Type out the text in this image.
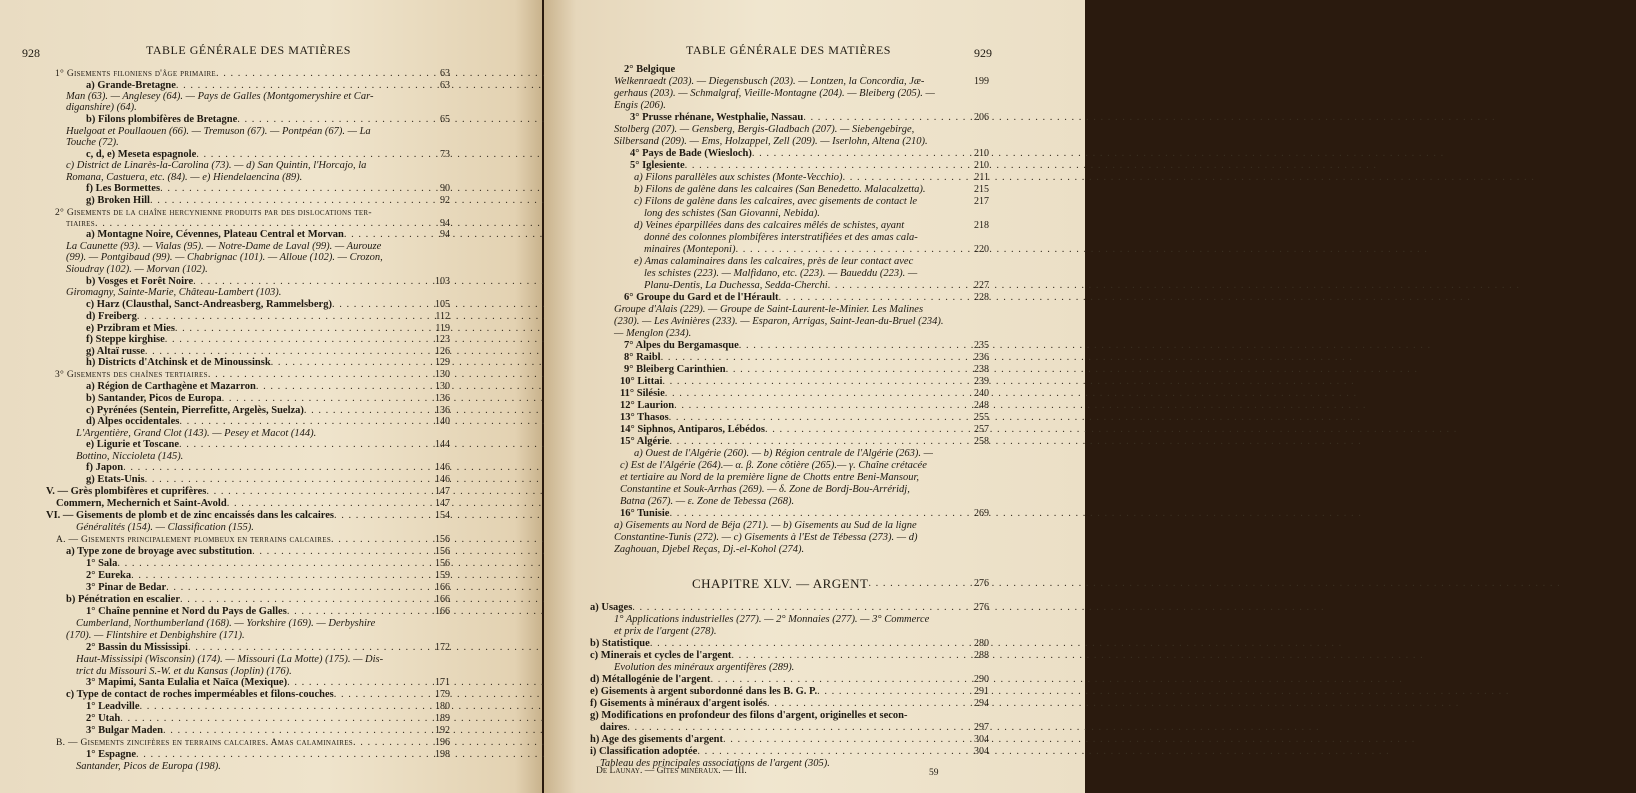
928	TABLE GÉNÉRALE DES MATIÈRES
1° Gisements filoniens d'âge primaire . . .	63
a) Grande-Bretagne . . .	63
Man (63). — Anglesey (64). — Pays de Galles (Montgomeryshire et Car-
diganshire) (64).
b) Filons plombifères de Bretagne . . .	65
Huelgoat et Poullaouen (66). — Tremuson (67). — Pontpéan (67). — La
Touche (72).
c, d, e) Meseta espagnole . . .	73
c) District de Linarès-la-Carolina (73). — d) San Quintin, l'Horcajo, la
Romana, Castuera, etc. (84). — e) Hiendelaencina (89).
f) Les Bormettes . . .	90
g) Broken Hill . . .	92
2° Gisements de la chaîne hercynienne produits par des dislocations ter-
tiaires . . .	94
a) Montagne Noire, Cévennes, Plateau Central et Morvan . . .	94
La Caunette (93). — Vialas (95). — Notre-Dame de Laval (99). — Aurouze
(99). — Pontgibaud (99). — Chabrignac (101). — Alloue (102). — Crozon,
Sioudray (102). — Morvan (102).
b) Vosges et Forêt Noire . . .	103
Giromagny, Sainte-Marie, Château-Lambert (103).
c) Harz (Clausthal, Sanct-Andreasberg, Rammelsberg) . . .	105
d) Freiberg . . .	112
e) Przibram et Mies . . .	119
f) Steppe kirghise . . .	123
g) Altaï russe . . .	126
h) Districts d'Atchinsk et de Minoussinsk . . .	129
3° Gisements des chaînes tertiaires . . .	130
a) Région de Carthagène et Mazarron . . .	130
b) Santander, Picos de Europa . . .	136
c) Pyrénées (Sentein, Pierrefitte, Argelès, Suelza) . . .	136
d) Alpes occidentales . . .	140
L'Argentière, Grand Clot (143). — Pesey et Macot (144).
e) Ligurie et Toscane . . .	144
Bottino, Niccioleta (145).
f) Japon . . .	146
g) Etats-Unis . . .	146
V. — Grès plombifères et cuprifères . . .	147
Commern, Mechernich et Saint-Avold . . .	147
VI. — Gisements de plomb et de zinc encaissés dans les calcaires . . .	154
Généralités (154). — Classification (155).
A. — Gisements principalement plombeux en terrains calcaires . . .	156
a) Type zone de broyage avec substitution . . .	156
1° Sala . . .	156
2° Eureka . . .	159
3° Pinar de Bedar . . .	166
b) Pénétration en escalier . . .	166
1° Chaîne pennine et Nord du Pays de Galles . . .	166
Cumberland, Northumberland (168). — Yorkshire (169). — Derbyshire
(170). — Flintshire et Denbighshire (171).
2° Bassin du Mississipi . . .	172
Haut-Mississipi (Wisconsin) (174). — Missouri (La Motte) (175). — Dis-
trict du Missouri S.-W. et du Kansas (Joplin) (176).
3° Mapimi, Santa Eulalia et Naïca (Mexique) . . .	171
c) Type de contact de roches imperméables et filons-couches . . .	179
1° Leadville . . .	180
2° Utah . . .	189
3° Bulgar Maden . . .	192
B. — Gisements zincifères en terrains calcaires. Amas calaminaires . . .	196
1° Espagne . . .	198
Santander, Picos de Europa (198).
TABLE GÉNÉRALE DES MATIÈRES	929
2° Belgique
Welkenraedt (203). — Diegensbusch (203). — Lontzen, la Concordia, Jæ-	199
gerhaus (203). — Schmalgraf, Vieille-Montagne (204). — Bleiberg (205). —
Engis (206).
3° Prusse rhénane, Westphalie, Nassau . . .	206
Stolberg (207). — Gensberg, Bergis-Gladbach (207). — Siebengebirge,
Silbersand (209). — Ems, Holzappel, Zell (209). — Iserlohn, Altena (210).
4° Pays de Bade (Wiesloch) . . .	210
5° Iglesiente . . .	210
a) Filons parallèles aux schistes (Monte-Vecchio) . . .	211
b) Filons de galène dans les calcaires (San Benedetto. Malacalzetta).	215
c) Filons de galène dans les calcaires, avec gisements de contact le	217
long des schistes (San Giovanni, Nebida).
d) Veines éparpillées dans des calcaires mêlés de schistes, ayant	218
donné des colonnes plombifères interstratifiées et des amas cala-
minaires (Monteponi) . . .	220
e) Amas calaminaires dans les calcaires, près de leur contact avec
les schistes (223). — Malfidano, etc. (223). — Baueddu (223). —
Planu-Dentis, La Duchessa, Sedda-Cherchi . . .	227
6° Groupe du Gard et de l'Hérault . . .	228
Groupe d'Alais (229). — Groupe de Saint-Laurent-le-Minier. Les Malines
(230). — Les Avinières (233). — Esparon, Arrigas, Saint-Jean-du-Bruel (234).
— Menglon (234).
7° Alpes du Bergamasque . . .	235
8° Raibl . . .	236
9° Bleiberg Carinthien . . .	238
10° Littai . . .	239
11° Silésie . . .	240
12° Laurion . . .	248
13° Thasos . . .	255
14° Siphnos, Antiparos, Lébédos . . .	257
15° Algérie . . .	258
a) Ouest de l'Algérie (260). — b) Région centrale de l'Algérie (263). —
c) Est de l'Algérie (264).— α. β. Zone côtière (265).— γ. Chaîne crétacée
et tertiaire au Nord de la première ligne de Chotts entre Beni-Mansour,
Constantine et Souk-Arrhas (269). — δ. Zone de Bordj-Bou-Arréridj,
Batna (267). — ε. Zone de Tebessa (268).
16° Tunisie . . .	269
a) Gisements au Nord de Béja (271). — b) Gisements au Sud de la ligne
Constantine-Tunis (272). — c) Gisements à l'Est de Tébessa (273). — d)
Zaghouan, Djebel Reças, Dj.-el-Kohol (274).
CHAPITRE XLV. — ARGENT . . .	276
a) Usages . . .	276
1° Applications industrielles (277). — 2° Monnaies (277). — 3° Commerce
et prix de l'argent (278).
b) Statistique . . .	280
c) Minerais et cycles de l'argent . . .	288
Evolution des minéraux argentifères (289).
d) Métallogénie de l'argent . . .	290
e) Gisements à argent subordonné dans les B. G. P. . . .	291
f) Gisements à minéraux d'argent isolés . . .	294
g) Modifications en profondeur des filons d'argent, originelles et secon-
daires . . .	297
h) Age des gisements d'argent . . .	304
i) Classification adoptée . . .	304
Tableau des principales associations de l'argent (305).
De Launay. — Gîtes minéraux. — III.	59
